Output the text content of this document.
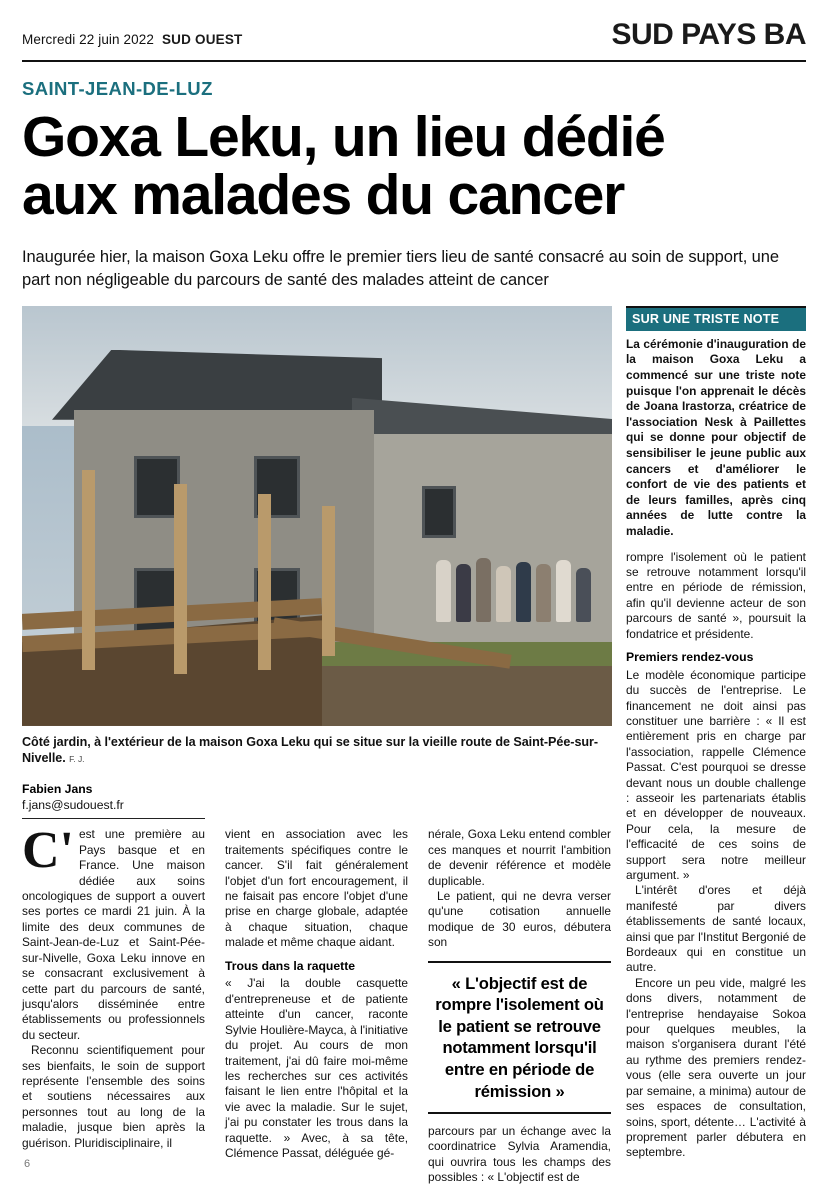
Mercredi 22 juin 2022 SUD OUEST	SUD PAYS BA
SAINT-JEAN-DE-LUZ
Goxa Leku, un lieu dédié
aux malades du cancer
Inaugurée hier, la maison Goxa Leku offre le premier tiers lieu de santé consacré au soin de support, une part non négligeable du parcours de santé des malades atteint de cancer
Côté jardin, à l'extérieur de la maison Goxa Leku qui se situe sur la vieille route de Saint-Pée-sur-Nivelle. F. J.
Fabien Jans
f.jans@sudouest.fr

C'est une première au Pays basque et en France. Une maison dédiée aux soins oncologiques de support a ouvert ses portes ce mardi 21 juin. À la limite des deux communes de Saint-Jean-de-Luz et Saint-Pée-sur-Nivelle, Goxa Leku innove en se consacrant exclusivement à cette part du parcours de santé, jusqu'alors disséminée entre établissements ou professionnels du secteur.

Reconnu scientifiquement pour ses bienfaits, le soin de support représente l'ensemble des soins et soutiens nécessaires aux personnes tout au long de la maladie, jusque bien après la guérison. Pluridisciplinaire, il

vient en association avec les traitements spécifiques contre le cancer. S'il fait généralement l'objet d'un fort encouragement, il ne faisait pas encore l'objet d'une prise en charge globale, adaptée à chaque situation, chaque malade et même chaque aidant.

Trous dans la raquette

« J'ai la double casquette d'entrepreneuse et de patiente atteinte d'un cancer, raconte Sylvie Houlière-Mayca, à l'initiative du projet. Au cours de mon traitement, j'ai dû faire moi-même les recherches sur ces activités faisant le lien entre l'hôpital et la vie avec la maladie. Sur le sujet, j'ai pu constater les trous dans la raquette. » Avec, à sa tête, Clémence Passat, déléguée gé-

nérale, Goxa Leku entend combler ces manques et nourrit l'ambition de devenir référence et modèle duplicable.

Le patient, qui ne devra verser qu'une cotisation annuelle modique de 30 euros, débutera son

« L'objectif est de rompre l'isolement où le patient se retrouve notamment lorsqu'il entre en période de rémission »

parcours par un échange avec la coordinatrice Sylvia Aramendia, qui ouvrira tous les champs des possibles : « L'objectif est de

SUR UNE TRISTE NOTE
La cérémonie d'inauguration de la maison Goxa Leku a commencé sur une triste note puisque l'on apprenait le décès de Joana Irastorza, créatrice de l'association Nesk à Paillettes qui se donne pour objectif de sensibiliser le jeune public aux cancers et d'améliorer le confort de vie des patients et de leurs familles, après cinq années de lutte contre la maladie.

rompre l'isolement où le patient se retrouve notamment lorsqu'il entre en période de rémission, afin qu'il devienne acteur de son parcours de santé », poursuit la fondatrice et présidente.

Premiers rendez-vous

Le modèle économique participe du succès de l'entreprise. Le financement ne doit ainsi pas constituer une barrière : « Il est entièrement pris en charge par l'association, rappelle Clémence Passat. C'est pourquoi se dresse devant nous un double challenge : asseoir les partenariats établis et en développer de nouveaux. Pour cela, la mesure de l'efficacité de ces soins de support sera notre meilleur argument. »

L'intérêt d'ores et déjà manifesté par divers établissements de santé locaux, ainsi que par l'Institut Bergonié de Bordeaux qui en constitue un autre.

Encore un peu vide, malgré les dons divers, notamment de l'entreprise hendayaise Sokoa pour quelques meubles, la maison s'organisera durant l'été au rythme des premiers rendez-vous (elle sera ouverte un jour par semaine, a minima) autour de ses espaces de consultation, soins, sport, détente… L'activité à proprement parler débutera en septembre.

6
